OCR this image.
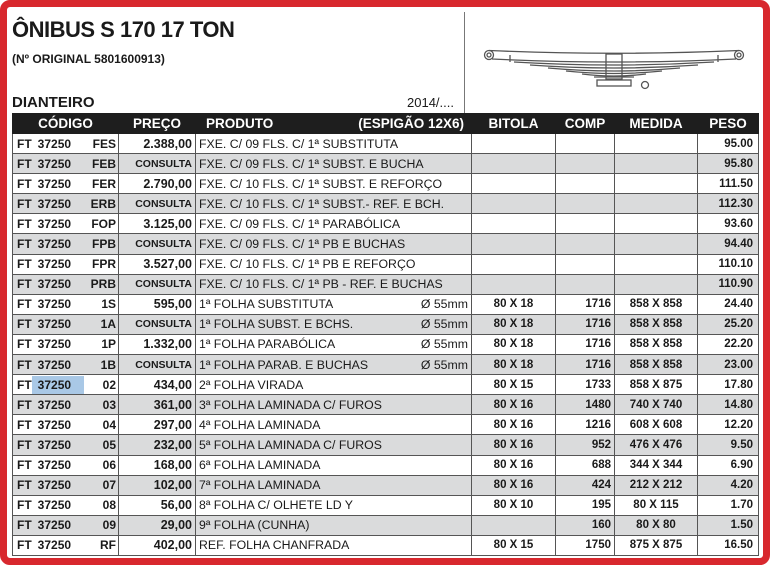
ÔNIBUS S 170 17 TON
(Nº ORIGINAL 5801600913)
DIANTEIRO	2014/....
CÓDIGO	PREÇO	PRODUTO (ESPIGÃO 12X6)	BITOLA	COMP	MEDIDA	PESO
FT 37250 FES	2.388,00	FXE. C/ 09 FLS. C/ 1ª SUBSTITUTA				95.00
FT 37250 FEB	CONSULTA	FXE. C/ 09 FLS. C/ 1ª SUBST. E BUCHA				95.80
FT 37250 FER	2.790,00	FXE. C/ 10 FLS. C/ 1ª SUBST. E REFORÇO				111.50
FT 37250 ERB	CONSULTA	FXE. C/ 10 FLS. C/ 1ª SUBST.- REF. E BCH.				112.30
FT 37250 FOP	3.125,00	FXE. C/ 09 FLS. C/ 1ª PARABÓLICA				93.60
FT 37250 FPB	CONSULTA	FXE. C/ 09 FLS. C/ 1ª PB E BUCHAS				94.40
FT 37250 FPR	3.527,00	FXE. C/ 10 FLS. C/ 1ª PB E REFORÇO				110.10
FT 37250 PRB	CONSULTA	FXE. C/ 10 FLS. C/ 1ª PB - REF. E BUCHAS				110.90
FT 37250 1S	595,00	1ª FOLHA SUBSTITUTA Ø 55mm	80 X 18	1716	858 X 858	24.40
FT 37250 1A	CONSULTA	1ª FOLHA SUBST. E BCHS. Ø 55mm	80 X 18	1716	858 X 858	25.20
FT 37250 1P	1.332,00	1ª FOLHA PARABÓLICA Ø 55mm	80 X 18	1716	858 X 858	22.20
FT 37250 1B	CONSULTA	1ª FOLHA PARAB. E BUCHAS Ø 55mm	80 X 18	1716	858 X 858	23.00
FT 37250 02	434,00	2ª FOLHA VIRADA	80 X 15	1733	858 X 875	17.80
FT 37250 03	361,00	3ª FOLHA LAMINADA C/ FUROS	80 X 16	1480	740 X 740	14.80
FT 37250 04	297,00	4ª FOLHA LAMINADA	80 X 16	1216	608 X 608	12.20
FT 37250 05	232,00	5ª FOLHA LAMINADA C/ FUROS	80 X 16	952	476 X 476	9.50
FT 37250 06	168,00	6ª FOLHA LAMINADA	80 X 16	688	344 X 344	6.90
FT 37250 07	102,00	7ª FOLHA LAMINADA	80 X 16	424	212 X 212	4.20
FT 37250 08	56,00	8ª FOLHA C/ OLHETE LD Y	80 X 10	195	80 X 115	1.70
FT 37250 09	29,00	9ª FOLHA (CUNHA)		160	80 X 80	1.50
FT 37250 RF	402,00	REF. FOLHA CHANFRADA	80 X 15	1750	875 X 875	16.50
